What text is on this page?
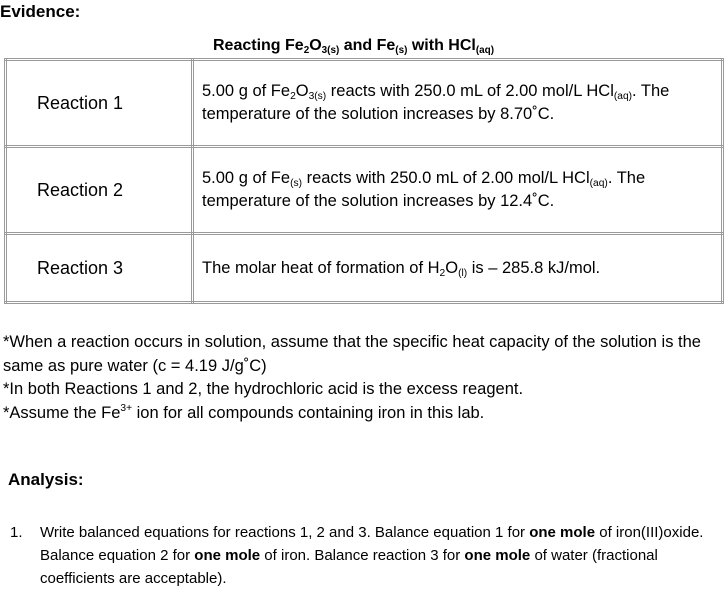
Evidence:
Reacting $Fe_2O_{3(s)}$ and $Fe_{(s)}$ with HCl$_{(aq)}$
Reaction 1	5.00 g of $Fe_2O_{3(s)}$ reacts with 250.0 mL of 2.00 mol/L HCl$_{(aq)}$. The temperature of the solution increases by 8.70˚C.
Reaction 2	5.00 g of $Fe_{(s)}$ reacts with 250.0 mL of 2.00 mol/L HCl$_{(aq)}$. The temperature of the solution increases by 12.4˚C.
Reaction 3	The molar heat of formation of $H_2O_{(l)}$ is – 285.8 kJ/mol.
*When a reaction occurs in solution, assume that the specific heat capacity of the solution is the same as pure water (c = 4.19 J/g˚C)
*In both Reactions 1 and 2, the hydrochloric acid is the excess reagent.
*Assume the $Fe^{3+}$ ion for all compounds containing iron in this lab.
Analysis:
1. Write balanced equations for reactions 1, 2 and 3. Balance equation 1 for one mole of iron(III)oxide. Balance equation 2 for one mole of iron. Balance reaction 3 for one mole of water (fractional coefficients are acceptable).
